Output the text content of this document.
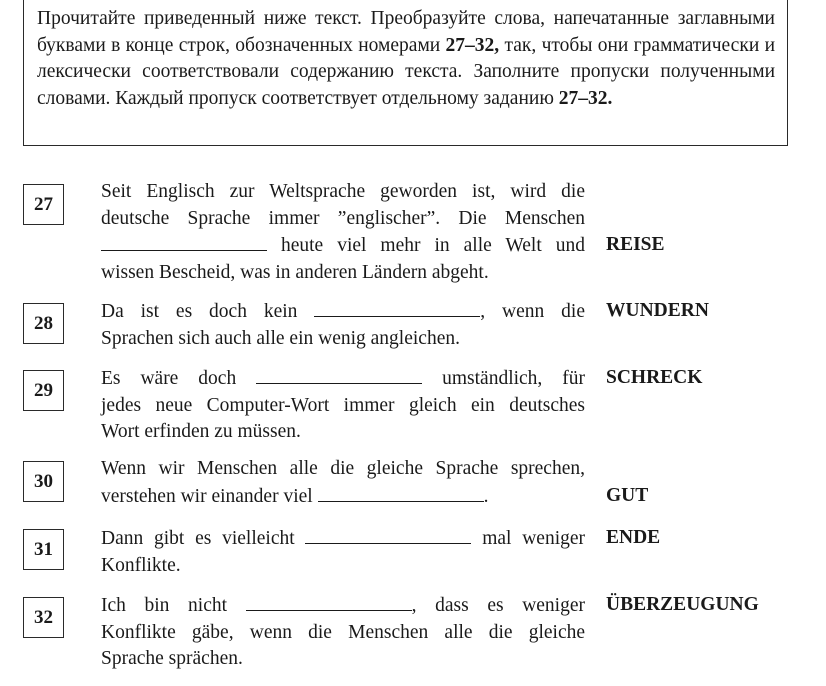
Прочитайте приведенный ниже текст. Преобразуйте слова, напечатанные заглавными буквами в конце строк, обозначенных номерами 27–32, так, чтобы они грамматически и лексически соответствовали содержанию текста. Заполните пропуски полученными словами. Каждый пропуск соответствует отдельному заданию 27–32.
27
Seit Englisch zur Weltsprache geworden ist, wird die
deutsche Sprache immer ”englischer”. Die Menschen
heute viel mehr in alle Welt und
wissen Bescheid, was in anderen Ländern abgeht.
REISE
28
Da ist es doch kein	, wenn die
Sprachen sich auch alle ein wenig angleichen.
WUNDERN
29
Es wäre doch	umständlich, für
jedes neue Computer-Wort immer gleich ein deutsches
Wort erfinden zu müssen.
SCHRECK
30
Wenn wir Menschen alle die gleiche Sprache sprechen,
verstehen wir einander viel	.	GUT
31	Dann gibt es vielleicht	mal weniger
Konflikte.
ENDE
32
Ich bin nicht	, dass es weniger
Konflikte gäbe, wenn die Menschen alle die gleiche
Sprache sprächen.
ÜBERZEUGUNG
